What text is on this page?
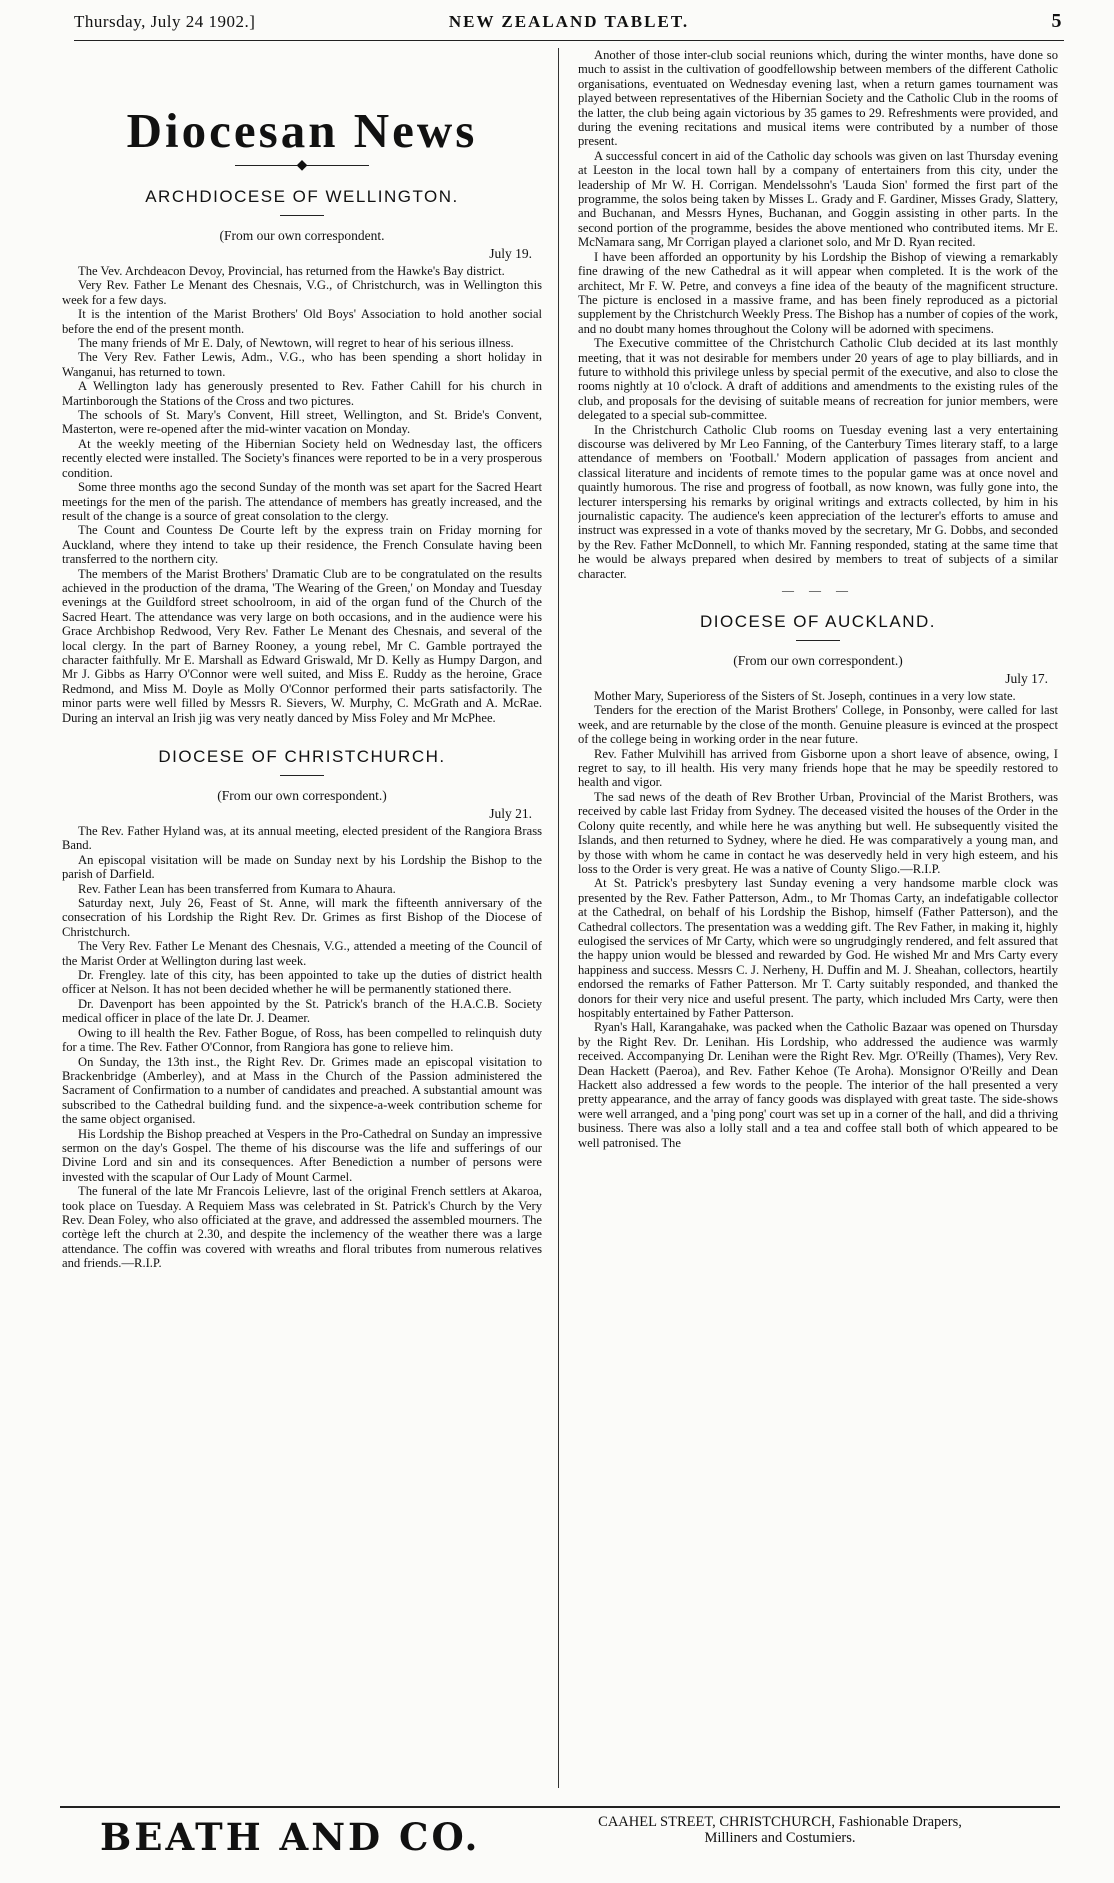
Thursday, July 24 1902.]	NEW ZEALAND TABLET.	5
Diocesan News
◆
ARCHDIOCESE OF WELLINGTON.
(From our own correspondent.
July 19.

The Vev. Archdeacon Devoy, Provincial, has returned from the Hawke's Bay district.

Very Rev. Father Le Menant des Chesnais, V.G., of Christchurch, was in Wellington this week for a few days.

It is the intention of the Marist Brothers' Old Boys' Association to hold another social before the end of the present month.

The many friends of Mr E. Daly, of Newtown, will regret to hear of his serious illness.

The Very Rev. Father Lewis, Adm., V.G., who has been spending a short holiday in Wanganui, has returned to town.

A Wellington lady has generously presented to Rev. Father Cahill for his church in Martinborough the Stations of the Cross and two pictures.

The schools of St. Mary's Convent, Hill street, Wellington, and St. Bride's Convent, Masterton, were re-opened after the mid-winter vacation on Monday.

At the weekly meeting of the Hibernian Society held on Wednesday last, the officers recently elected were installed. The Society's finances were reported to be in a very prosperous condition.

Some three months ago the second Sunday of the month was set apart for the Sacred Heart meetings for the men of the parish. The attendance of members has greatly increased, and the result of the change is a source of great consolation to the clergy.

The Count and Countess De Courte left by the express train on Friday morning for Auckland, where they intend to take up their residence, the French Consulate having been transferred to the northern city.

The members of the Marist Brothers' Dramatic Club are to be congratulated on the results achieved in the production of the drama, 'The Wearing of the Green,' on Monday and Tuesday evenings at the Guildford street schoolroom, in aid of the organ fund of the Church of the Sacred Heart. The attendance was very large on both occasions, and in the audience were his Grace Archbishop Redwood, Very Rev. Father Le Menant des Chesnais, and several of the local clergy. In the part of Barney Rooney, a young rebel, Mr C. Gamble portrayed the character faithfully. Mr E. Marshall as Edward Griswald, Mr D. Kelly as Humpy Dargon, and Mr J. Gibbs as Harry O'Connor were well suited, and Miss E. Ruddy as the heroine, Grace Redmond, and Miss M. Doyle as Molly O'Connor performed their parts satisfactorily. The minor parts were well filled by Messrs R. Sievers, W. Murphy, C. McGrath and A. McRae. During an interval an Irish jig was very neatly danced by Miss Foley and Mr McPhee.

DIOCESE OF CHRISTCHURCH.
(From our own correspondent.)
July 21.

The Rev. Father Hyland was, at its annual meeting, elected president of the Rangiora Brass Band.

An episcopal visitation will be made on Sunday next by his Lordship the Bishop to the parish of Darfield.

Rev. Father Lean has been transferred from Kumara to Ahaura.

Saturday next, July 26, Feast of St. Anne, will mark the fifteenth anniversary of the consecration of his Lordship the Right Rev. Dr. Grimes as first Bishop of the Diocese of Christchurch.

The Very Rev. Father Le Menant des Chesnais, V.G., attended a meeting of the Council of the Marist Order at Wellington during last week.

Dr. Frengley. late of this city, has been appointed to take up the duties of district health officer at Nelson. It has not been decided whether he will be permanently stationed there.

Dr. Davenport has been appointed by the St. Patrick's branch of the H.A.C.B. Society medical officer in place of the late Dr. J. Deamer.

Owing to ill health the Rev. Father Bogue, of Ross, has been compelled to relinquish duty for a time. The Rev. Father O'Connor, from Rangiora has gone to relieve him.

On Sunday, the 13th inst., the Right Rev. Dr. Grimes made an episcopal visitation to Brackenbridge (Amberley), and at Mass in the Church of the Passion administered the Sacrament of Confirmation to a number of candidates and preached. A substantial amount was subscribed to the Cathedral building fund. and the sixpence-a-week contribution scheme for the same object organised.

His Lordship the Bishop preached at Vespers in the Pro-Cathedral on Sunday an impressive sermon on the day's Gospel. The theme of his discourse was the life and sufferings of our Divine Lord and sin and its consequences. After Benediction a number of persons were invested with the scapular of Our Lady of Mount Carmel.

The funeral of the late Mr Francois Lelievre, last of the original French settlers at Akaroa, took place on Tuesday. A Requiem Mass was celebrated in St. Patrick's Church by the Very Rev. Dean Foley, who also officiated at the grave, and addressed the assembled mourners. The cortège left the church at 2.30, and despite the inclemency of the weather there was a large attendance. The coffin was covered with wreaths and floral tributes from numerous relatives and friends.—R.I.P.

Another of those inter-club social reunions which, during the winter months, have done so much to assist in the cultivation of goodfellowship between members of the different Catholic organisations, eventuated on Wednesday evening last, when a return games tournament was played between representatives of the Hibernian Society and the Catholic Club in the rooms of the latter, the club being again victorious by 35 games to 29. Refreshments were provided, and during the evening recitations and musical items were contributed by a number of those present.

A successful concert in aid of the Catholic day schools was given on last Thursday evening at Leeston in the local town hall by a company of entertainers from this city, under the leadership of Mr W. H. Corrigan. Mendelssohn's 'Lauda Sion' formed the first part of the programme, the solos being taken by Misses L. Grady and F. Gardiner, Misses Grady, Slattery, and Buchanan, and Messrs Hynes, Buchanan, and Goggin assisting in other parts. In the second portion of the programme, besides the above mentioned who contributed items. Mr E. McNamara sang, Mr Corrigan played a clarionet solo, and Mr D. Ryan recited.

I have been afforded an opportunity by his Lordship the Bishop of viewing a remarkably fine drawing of the new Cathedral as it will appear when completed. It is the work of the architect, Mr F. W. Petre, and conveys a fine idea of the beauty of the magnificent structure. The picture is enclosed in a massive frame, and has been finely reproduced as a pictorial supplement by the Christchurch Weekly Press. The Bishop has a number of copies of the work, and no doubt many homes throughout the Colony will be adorned with specimens.

The Executive committee of the Christchurch Catholic Club decided at its last monthly meeting, that it was not desirable for members under 20 years of age to play billiards, and in future to withhold this privilege unless by special permit of the executive, and also to close the rooms nightly at 10 o'clock. A draft of additions and amendments to the existing rules of the club, and proposals for the devising of suitable means of recreation for junior members, were delegated to a special sub-committee.

In the Christchurch Catholic Club rooms on Tuesday evening last a very entertaining discourse was delivered by Mr Leo Fanning, of the Canterbury Times literary staff, to a large attendance of members on 'Football.' Modern application of passages from ancient and classical literature and incidents of remote times to the popular game was at once novel and quaintly humorous. The rise and progress of football, as now known, was fully gone into, the lecturer interspersing his remarks by original writings and extracts collected, by him in his journalistic capacity. The audience's keen appreciation of the lecturer's efforts to amuse and instruct was expressed in a vote of thanks moved by the secretary, Mr G. Dobbs, and seconded by the Rev. Father McDonnell, to which Mr. Fanning responded, stating at the same time that he would be always prepared when desired by members to treat of subjects of a similar character.

— — —
DIOCESE OF AUCKLAND.
(From our own correspondent.)
July 17.

Mother Mary, Superioress of the Sisters of St. Joseph, continues in a very low state.

Tenders for the erection of the Marist Brothers' College, in Ponsonby, were called for last week, and are returnable by the close of the month. Genuine pleasure is evinced at the prospect of the college being in working order in the near future.

Rev. Father Mulvihill has arrived from Gisborne upon a short leave of absence, owing, I regret to say, to ill health. His very many friends hope that he may be speedily restored to health and vigor.

The sad news of the death of Rev Brother Urban, Provincial of the Marist Brothers, was received by cable last Friday from Sydney. The deceased visited the houses of the Order in the Colony quite recently, and while here he was anything but well. He subsequently visited the Islands, and then returned to Sydney, where he died. He was comparatively a young man, and by those with whom he came in contact he was deservedly held in very high esteem, and his loss to the Order is very great. He was a native of County Sligo.—R.I.P.

At St. Patrick's presbytery last Sunday evening a very handsome marble clock was presented by the Rev. Father Patterson, Adm., to Mr Thomas Carty, an indefatigable collector at the Cathedral, on behalf of his Lordship the Bishop, himself (Father Patterson), and the Cathedral collectors. The presentation was a wedding gift. The Rev Father, in making it, highly eulogised the services of Mr Carty, which were so ungrudgingly rendered, and felt assured that the happy union would be blessed and rewarded by God. He wished Mr and Mrs Carty every happiness and success. Messrs C. J. Nerheny, H. Duffin and M. J. Sheahan, collectors, heartily endorsed the remarks of Father Patterson. Mr T. Carty suitably responded, and thanked the donors for their very nice and useful present. The party, which included Mrs Carty, were then hospitably entertained by Father Patterson.

Ryan's Hall, Karangahake, was packed when the Catholic Bazaar was opened on Thursday by the Right Rev. Dr. Lenihan. His Lordship, who addressed the audience was warmly received. Accompanying Dr. Lenihan were the Right Rev. Mgr. O'Reilly (Thames), Very Rev. Dean Hackett (Paeroa), and Rev. Father Kehoe (Te Aroha). Monsignor O'Reilly and Dean Hackett also addressed a few words to the people. The interior of the hall presented a very pretty appearance, and the array of fancy goods was displayed with great taste. The side-shows were well arranged, and a 'ping pong' court was set up in a corner of the hall, and did a thriving business. There was also a lolly stall and a tea and coffee stall both of which appeared to be well patronised. The

BEATH AND CO.	CAAHEL STREET, CHRISTCHURCH, Fashionable Drapers,
Milliners and Costumiers.
